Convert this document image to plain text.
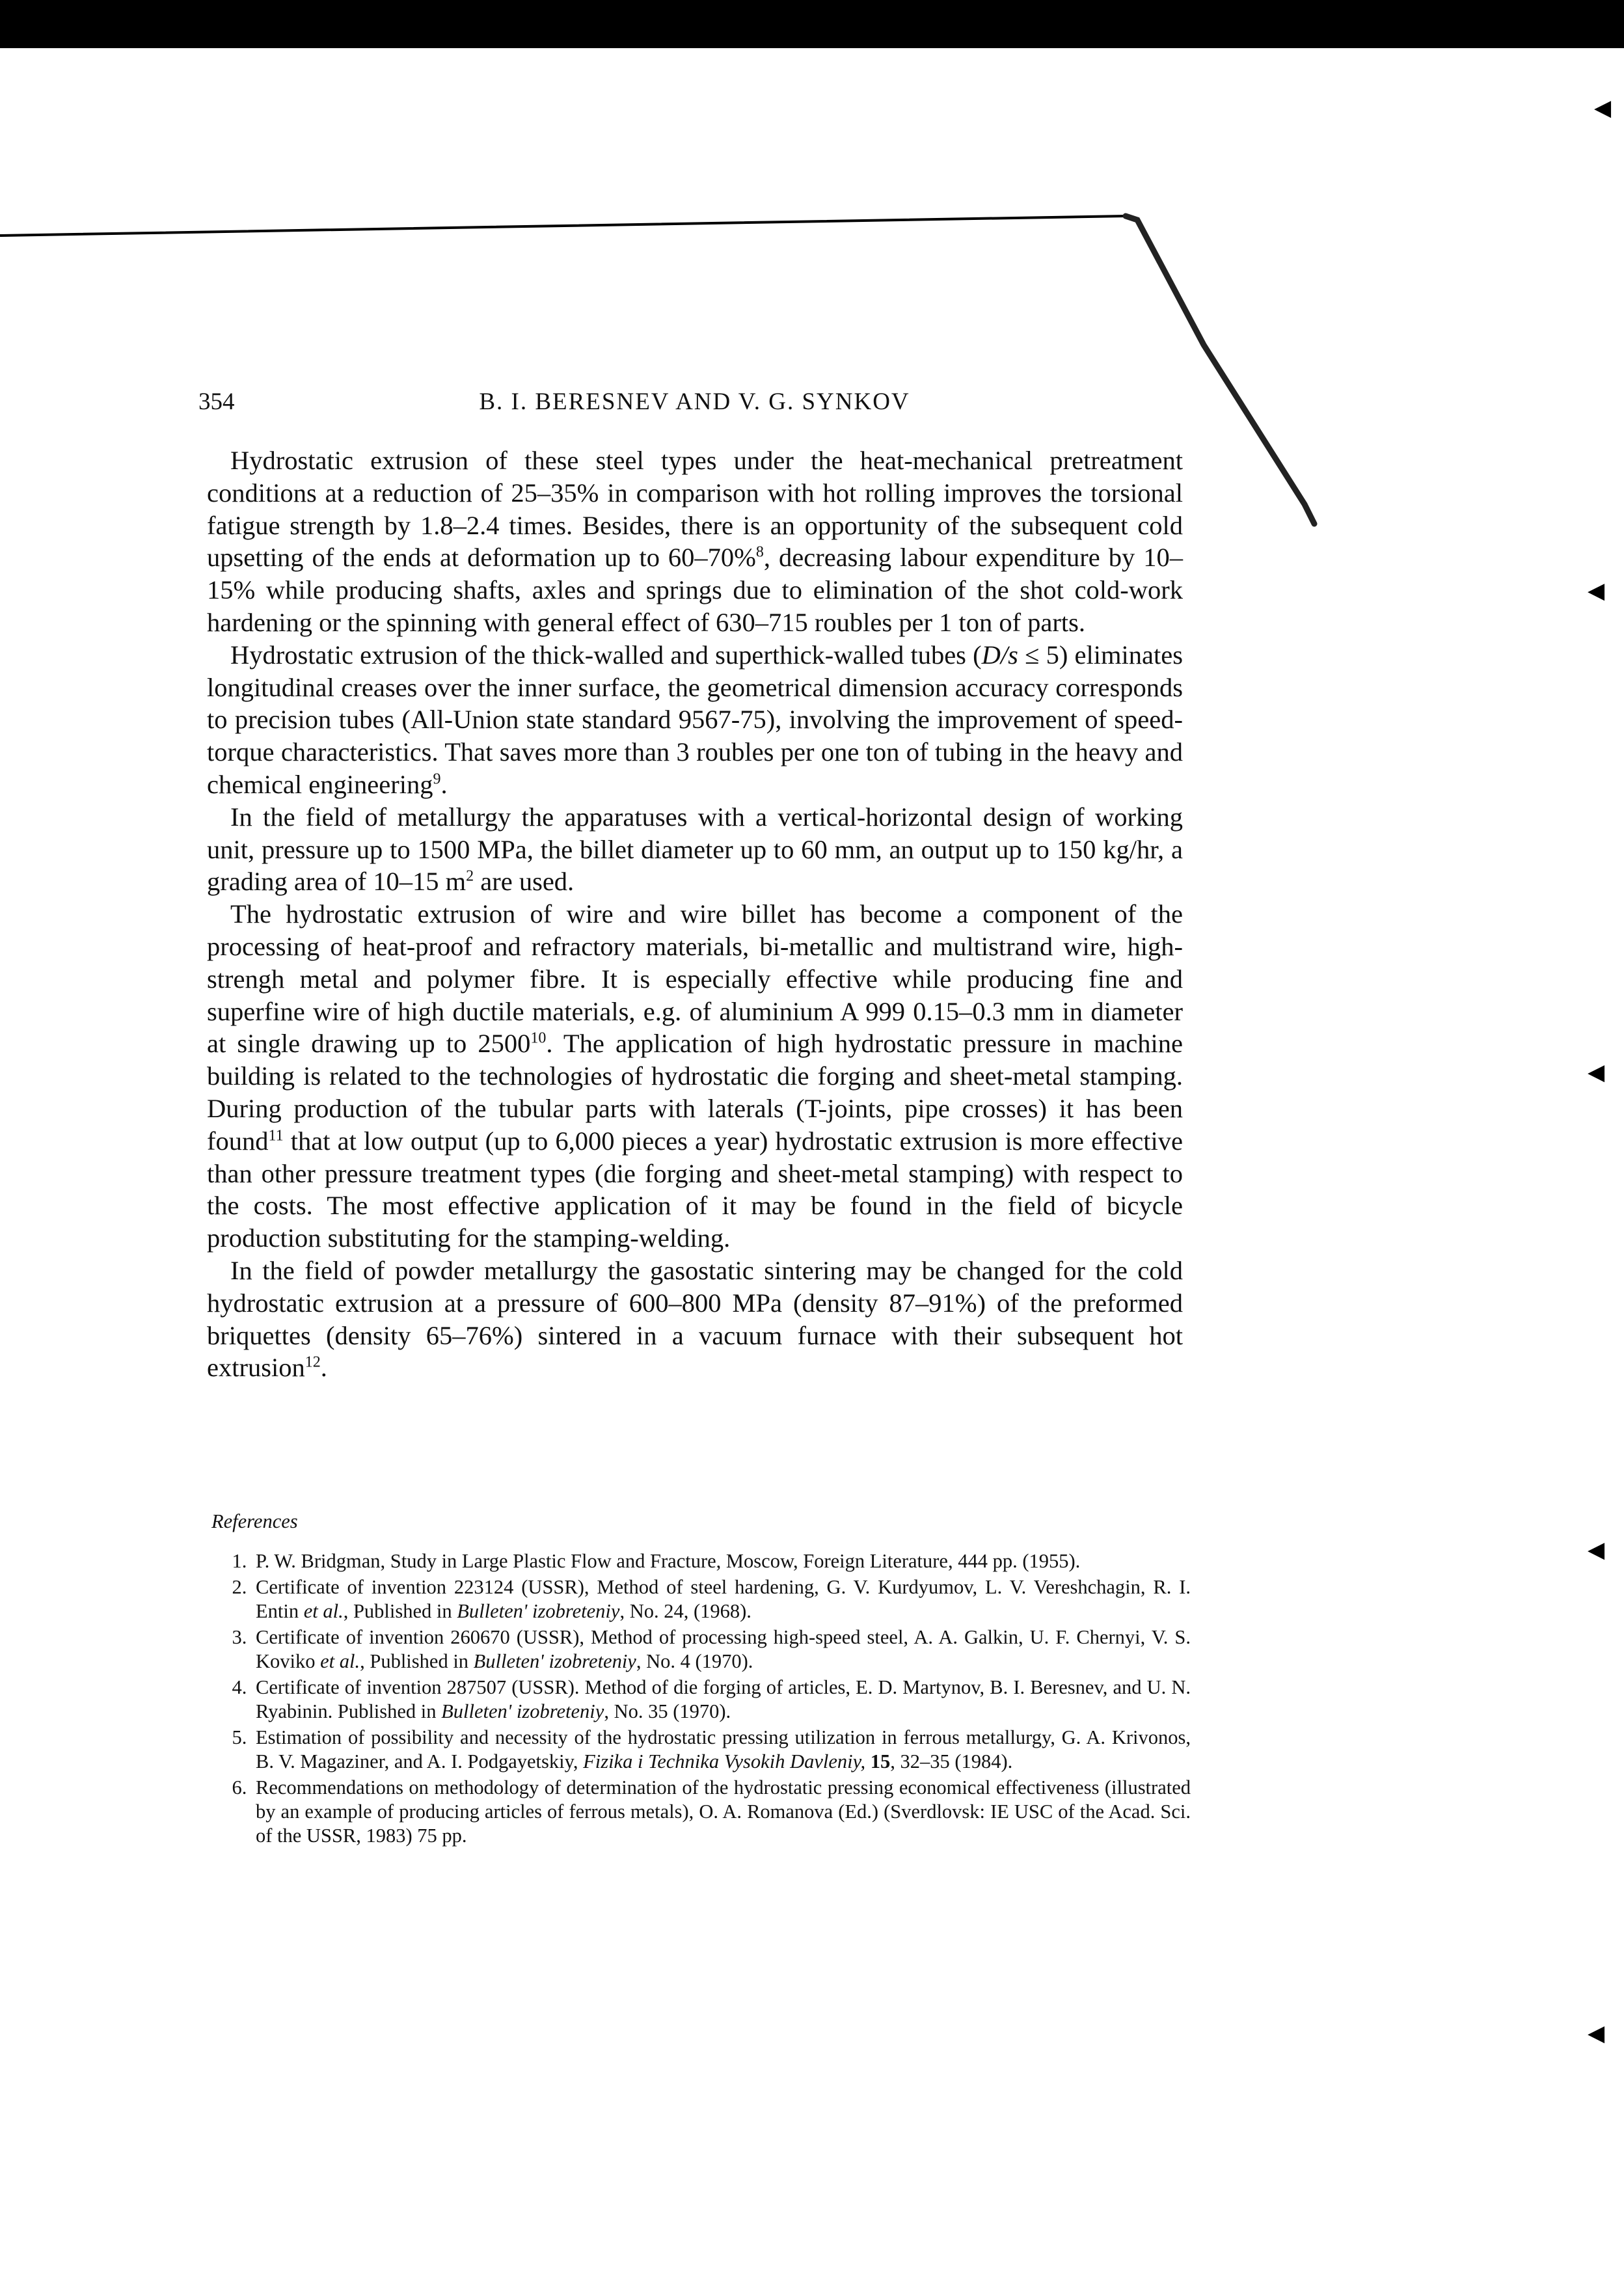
◀
◀
◀
◀
◀
354	B. I. BERESNEV AND V. G. SYNKOV

Hydrostatic extrusion of these steel types under the heat-mechanical pretreatment conditions at a reduction of 25–35% in comparison with hot rolling improves the torsional fatigue strength by 1.8–2.4 times. Besides, there is an opportunity of the subsequent cold upsetting of the ends at deformation up to 60–70%$^8$, decreasing labour expenditure by 10–15% while producing shafts, axles and springs due to elimination of the shot cold-work hardening or the spinning with general effect of 630–715 roubles per 1 ton of parts.

Hydrostatic extrusion of the thick-walled and superthick-walled tubes (D/s ≤ 5) eliminates longitudinal creases over the inner surface, the geometrical dimension accuracy corresponds to precision tubes (All-Union state standard 9567-75), involving the improvement of speed-torque characteristics. That saves more than 3 roubles per one ton of tubing in the heavy and chemical engineering$^9$.

In the field of metallurgy the apparatuses with a vertical-horizontal design of working unit, pressure up to 1500 MPa, the billet diameter up to 60 mm, an output up to 150 kg/hr, a grading area of 10–15 $m^2$ are used.

The hydrostatic extrusion of wire and wire billet has become a component of the processing of heat-proof and refractory materials, bi-metallic and multistrand wire, high-strengh metal and polymer fibre. It is especially effective while producing fine and superfine wire of high ductile materials, e.g. of aluminium A 999 0.15–0.3 mm in diameter at single drawing up to 2500$^{10}$. The application of high hydrostatic pressure in machine building is related to the technologies of hydrostatic die forging and sheet-metal stamping. During production of the tubular parts with laterals (T-joints, pipe crosses) it has been found$^{11}$ that at low output (up to 6,000 pieces a year) hydrostatic extrusion is more effective than other pressure treatment types (die forging and sheet-metal stamping) with respect to the costs. The most effective application of it may be found in the field of bicycle production substituting for the stamping-welding.

In the field of powder metallurgy the gasostatic sintering may be changed for the cold hydrostatic extrusion at a pressure of 600–800 MPa (density 87–91%) of the preformed briquettes (density 65–76%) sintered in a vacuum furnace with their subsequent hot extrusion$^{12}$.

References
1. P. W. Bridgman, Study in Large Plastic Flow and Fracture, Moscow, Foreign Literature, 444 pp. (1955).
2. Certificate of invention 223124 (USSR), Method of steel hardening, G. V. Kurdyumov, L. V. Vereshchagin, R. I. Entin et al., Published in Bulleten' izobreteniy, No. 24, (1968).
3. Certificate of invention 260670 (USSR), Method of processing high-speed steel, A. A. Galkin, U. F. Chernyi, V. S. Koviko et al., Published in Bulleten' izobreteniy, No. 4 (1970).
4. Certificate of invention 287507 (USSR). Method of die forging of articles, E. D. Martynov, B. I. Beresnev, and U. N. Ryabinin. Published in Bulleten' izobreteniy, No. 35 (1970).
5. Estimation of possibility and necessity of the hydrostatic pressing utilization in ferrous metallurgy, G. A. Krivonos, B. V. Magaziner, and A. I. Podgayetskiy, Fizika i Technika Vysokih Davleniy, 15, 32–35 (1984).
6. Recommendations on methodology of determination of the hydrostatic pressing economical effectiveness (illustrated by an example of producing articles of ferrous metals), O. A. Romanova (Ed.) (Sverdlovsk: IE USC of the Acad. Sci. of the USSR, 1983) 75 pp.
